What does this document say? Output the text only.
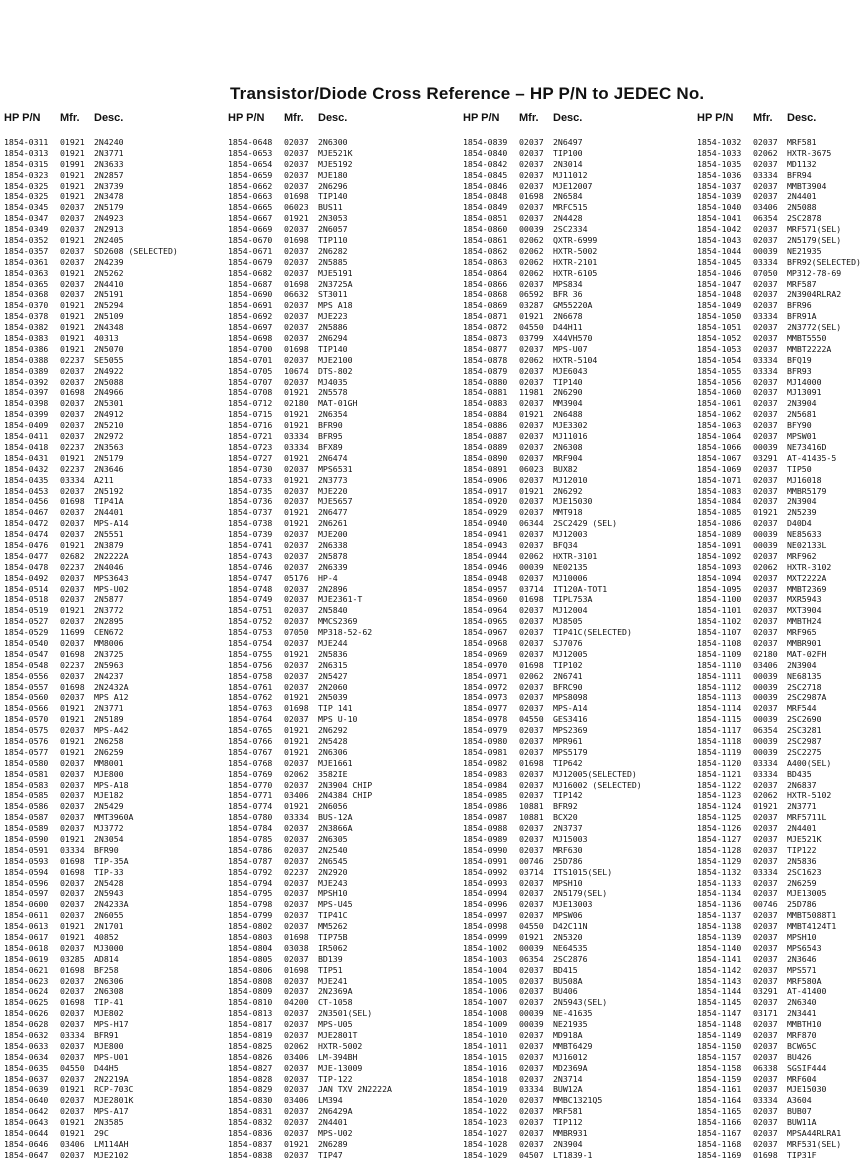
Transistor/Diode Cross Reference – HP P/N to JEDEC No.
HP P/N Mfr. Desc.
1854-0311 01921 2N4240
1854-0313 01921 2N3771
1854-0315 01991 2N3633
1854-0323 01921 2N2857
1854-0325 01921 2N3739
1854-0325 01921 2N3478
1854-0345 02037 2N5179
1854-0347 02037 2N4923
1854-0349 02037 2N2913
1854-0352 01921 2N2405
1854-0357 02037 SD2608 (SELECTED)
1854-0361 02037 2N4239
1854-0363 01921 2N5262
1854-0365 02037 2N4410
1854-0368 02037 2N5191
1854-0370 01921 2N5294
1854-0378 01921 2N5109
1854-0382 01921 2N4348
1854-0383 01921 40313
1854-0386 01921 2N5070
1854-0388 02237 SE5055
1854-0389 02037 2N4922
1854-0392 02037 2N5088
1854-0397 01698 2N4966
1854-0398 02037 2N5301
1854-0399 02037 2N4912
1854-0409 02037 2N5210
1854-0411 02037 2N2972
1854-0418 02237 2N3563
1854-0431 01921 2N5179
1854-0432 02237 2N3646
1854-0435 03334 A211
1854-0453 02037 2N5192
1854-0456 01698 TIP41A
1854-0467 02037 2N4401
1854-0472 02037 MPS-A14
1854-0474 02037 2N5551
1854-0476 01921 2N3879
1854-0477 02682 2N2222A
1854-0478 02237 2N4046
1854-0492 02037 MPS3643
1854-0514 02037 MPS-U02
1854-0518 02037 2N5877
1854-0519 01921 2N3772
1854-0527 02037 2N2895
1854-0529 11699 CEN672
1854-0540 02037 MM8006
1854-0547 01698 2N3725
1854-0548 02237 2N5963
1854-0556 02037 2N4237
1854-0557 01698 2N2432A
1854-0560 02037 MPS A12
1854-0566 01921 2N3771
1854-0570 01921 2N5189
1854-0575 02037 MPS-A42
1854-0576 01921 2N6258
1854-0577 01921 2N6259
1854-0580 02037 MM8001
1854-0581 02037 MJE800
1854-0583 02037 MPS-A18
1854-0585 02037 MJE182
1854-0586 02037 2N5429
1854-0587 02037 MMT3960A
1854-0589 02037 MJ3772
1854-0590 01921 2N3054
1854-0591 03334 BFR90
1854-0593 01698 TIP-35A
1854-0594 01698 TIP-33
1854-0596 02037 2N5428
1854-0597 02037 2N5943
1854-0600 02037 2N4233A
1854-0611 02037 2N6055
1854-0613 01921 2N1701
1854-0617 01921 40852
1854-0618 02037 MJ3000
1854-0619 03285 AD814
1854-0621 01698 BF258
1854-0623 02037 2N6306
1854-0624 02037 2N6308
1854-0625 01698 TIP-41
1854-0626 02037 MJE802
1854-0628 02037 MPS-H17
1854-0632 03334 BFR91
1854-0633 02037 MJE800
1854-0634 02037 MPS-U01
1854-0635 04550 D44H5
1854-0637 02037 2N2219A
1854-0639 01921 RCP-703C
1854-0640 02037 MJE2801K
1854-0642 02037 MPS-A17
1854-0643 01921 2N3585
1854-0644 01921 29C
1854-0646 03406 LM114AH
1854-0647 02037 MJE2102
HP P/N Mfr. Desc.
1854-0648 02037 2N6300
1854-0653 02037 MJE521K
1854-0654 02037 MJE5192
1854-0659 02037 MJE180
1854-0662 02037 2N6296
1854-0663 01698 TIP140
1854-0665 06023 BUS11
1854-0667 01921 2N3053
1854-0669 02037 2N6057
1854-0670 01698 TIP110
1854-0671 02037 2N6282
1854-0679 02037 2N5885
1854-0682 02037 MJE5191
1854-0687 01698 2N3725A
1854-0690 06632 ST3011
1854-0691 02037 MPS A18
1854-0692 02037 MJE223
1854-0697 02037 2N5886
1854-0698 02037 2N6294
1854-0700 01698 TIP140
1854-0701 02037 MJE2100
1854-0705 10674 DTS-802
1854-0707 02037 MJ4035
1854-0708 01921 2N5578
1854-0712 02180 MAT-01GH
1854-0715 01921 2N6354
1854-0716 01921 BFR90
1854-0721 03334 BFR95
1854-0723 03334 BFX89
1854-0727 01921 2N6474
1854-0730 02037 MPS6531
1854-0733 01921 2N3773
1854-0735 02037 MJE220
1854-0736 02037 MJE5657
1854-0737 01921 2N6477
1854-0738 01921 2N6261
1854-0739 02037 MJE200
1854-0741 02037 2N6338
1854-0743 02037 2N5878
1854-0746 02037 2N6339
1854-0747 05176 HP-4
1854-0748 02037 2N2896
1854-0749 02037 MJE2361-T
1854-0751 02037 2N5840
1854-0752 02037 MMCS2369
1854-0753 07050 MP318-52-62
1854-0754 02037 MJE244
1854-0755 01921 2N5836
1854-0756 02037 2N6315
1854-0758 02037 2N5427
1854-0761 02037 2N2060
1854-0762 01921 2N5039
1854-0763 01698 TIP 141
1854-0764 02037 MPS U-10
1854-0765 01921 2N6292
1854-0766 01921 2N5428
1854-0767 01921 2N6306
1854-0768 02037 MJE1661
1854-0769 02062 3582IE
1854-0770 02037 2N3904 CHIP
1854-0771 03406 2N4384 CHIP
1854-0774 01921 2N6056
1854-0780 03334 BUS-12A
1854-0784 02037 2N3866A
1854-0785 02037 2N6305
1854-0786 02037 2N2540
1854-0787 02037 2N6545
1854-0792 02237 2N2920
1854-0794 02037 MJE243
1854-0795 02037 MPSH10
1854-0798 02037 MPS-U45
1854-0799 02037 TIP41C
1854-0802 02037 MM5262
1854-0803 01698 TIP75B
1854-0804 03038 IR5062
1854-0805 02037 BD139
1854-0806 01698 TIP51
1854-0808 02037 MJE241
1854-0809 02037 2N2369A
1854-0810 04200 CT-1058
1854-0813 02037 2N3501(SEL)
1854-0817 02037 MPS-U05
1854-0819 02037 MJE2801T
1854-0825 02062 HXTR-5002
1854-0826 03406 LM-394BH
1854-0827 02037 MJE-13009
1854-0828 02037 TIP-122
1854-0829 02037 JAN TXV 2N2222A
1854-0830 03406 LM394
1854-0831 02037 2N6429A
1854-0832 02037 2N4401
1854-0836 02037 MPS-U02
1854-0837 01921 2N6289
1854-0838 02037 TIP47
HP P/N Mfr. Desc.
1854-0839 02037 2N6497
1854-0840 02037 TIP100
1854-0842 02037 2N3014
1854-0845 02037 MJ11012
1854-0846 02037 MJE12007
1854-0848 01698 2N6584
1854-0849 02037 MRFC515
1854-0851 02037 2N4428
1854-0860 00039 2SC2334
1854-0861 02062 QXTR-6999
1854-0862 02062 HXTR-5002
1854-0863 02062 HXTR-2101
1854-0864 02062 HXTR-6105
1854-0866 02037 MPS834
1854-0868 06592 BFR 36
1854-0869 03287 GM55220A
1854-0871 01921 2N6678
1854-0872 04550 D44H11
1854-0873 03799 X44VH570
1854-0877 02037 MPS-U07
1854-0878 02062 HXTR-5104
1854-0879 02037 MJE6043
1854-0880 02037 TIP140
1854-0881 11981 2N6290
1854-0883 02037 MM3904
1854-0884 01921 2N6488
1854-0886 02037 MJE3302
1854-0887 02037 MJ11016
1854-0889 02037 2N6308
1854-0890 02037 MRF904
1854-0891 06023 BUX82
1854-0906 02037 MJ12010
1854-0917 01921 2N6292
1854-0920 02037 MJE15030
1854-0929 02037 MMT918
1854-0940 06344 2SC2429 (SEL)
1854-0941 02037 MJ12003
1854-0943 02037 BFQ34
1854-0944 02062 HXTR-3101
1854-0946 00039 NE02135
1854-0948 02037 MJ10006
1854-0957 03714 IT120A-TOT1
1854-0960 01698 TIPL753A
1854-0964 02037 MJ12004
1854-0965 02037 MJ8505
1854-0967 02037 TIP41C(SELECTED)
1854-0968 02037 SJ7076
1854-0969 02037 MJ12005
1854-0970 01698 TIP102
1854-0971 02062 2N6741
1854-0972 02037 BFRC90
1854-0973 02037 MPS8098
1854-0977 02037 MPS-A14
1854-0978 04550 GES3416
1854-0979 02037 MPS2369
1854-0980 02037 MPR961
1854-0981 02037 MPS5179
1854-0982 01698 TIP642
1854-0983 02037 MJ12005(SELECTED)
1854-0984 02037 MJ16002 (SELECTED)
1854-0985 02037 TIP142
1854-0986 10881 BFR92
1854-0987 10881 BCX20
1854-0988 02037 2N3737
1854-0989 02037 MJ15003
1854-0990 02037 MRF630
1854-0991 00746 25D786
1854-0992 03714 ITS1015(SEL)
1854-0993 02037 MPSH10
1854-0994 02037 2N5179(SEL)
1854-0996 02037 MJE13003
1854-0997 02037 MPSW06
1854-0998 04550 D42C11N
1854-0999 01921 2N5320
1854-1002 00039 NE64535
1854-1003 06354 2SC2876
1854-1004 02037 BD415
1854-1005 02037 BU508A
1854-1006 02037 BU406
1854-1007 02037 2N5943(SEL)
1854-1008 00039 NE-41635
1854-1009 00039 NE21935
1854-1010 02037 MD918A
1854-1011 02037 MMBT6429
1854-1015 02037 MJ16012
1854-1016 02037 MD2369A
1854-1018 02037 2N3714
1854-1019 03334 BUW12A
1854-1020 02037 MMBC1321Q5
1854-1022 02037 MRF581
1854-1023 02037 TIP112
1854-1027 02037 MMBR931
1854-1028 02037 2N3904
1854-1029 04507 LT1839-1
HP P/N Mfr. Desc.
1854-1032 02037 MRF581
1854-1033 02062 HXTR-3675
1854-1035 02037 MD1132
1854-1036 03334 BFR94
1854-1037 02037 MMBT3904
1854-1039 02037 2N4401
1854-1040 03406 2N5088
1854-1041 06354 2SC2878
1854-1042 02037 MRF571(SEL)
1854-1043 02037 2N5179(SEL)
1854-1044 00039 NE21935
1854-1045 03334 BFR92(SELECTED)
1854-1046 07050 MP312-78-69
1854-1047 02037 MRF587
1854-1048 02037 2N3904RLRA2
1854-1049 02037 BFR96
1854-1050 03334 BFR91A
1854-1051 02037 2N3772(SEL)
1854-1052 02037 MMBT5550
1854-1053 02037 MMBT2222A
1854-1054 03334 BFQ19
1854-1055 03334 BFR93
1854-1056 02037 MJ14000
1854-1060 02037 MJ13091
1854-1061 02037 2N3904
1854-1062 02037 2N5681
1854-1063 02037 BFY90
1854-1064 02037 MPSW01
1854-1066 00039 NE73416D
1854-1067 03291 AT-41435-5
1854-1069 02037 TIP50
1854-1071 02037 MJ16018
1854-1083 02037 MMBR5179
1854-1084 02037 2N3904
1854-1085 01921 2N5239
1854-1086 02037 D40D4
1854-1089 00039 NE85633
1854-1091 00039 NE02133L
1854-1092 02037 MRF962
1854-1093 02062 HXTR-3102
1854-1094 02037 MXT2222A
1854-1095 02037 MMBT2369
1854-1100 02037 MXR5943
1854-1101 02037 MXT3904
1854-1102 02037 MMBTH24
1854-1107 02037 MRF965
1854-1108 02037 MMBR901
1854-1109 02180 MAT-02FH
1854-1110 03406 2N3904
1854-1111 00039 NE68135
1854-1112 00039 2SC2718
1854-1113 00039 2SC2987A
1854-1114 02037 MRF544
1854-1115 00039 2SC2690
1854-1117 06354 2SC3281
1854-1118 00039 2SC2987
1854-1119 00039 2SC2275
1854-1120 03334 A400(SEL)
1854-1121 03334 BD435
1854-1122 02037 2N6837
1854-1123 02062 HXTR-5102
1854-1124 01921 2N3771
1854-1125 02037 MRF5711L
1854-1126 02037 2N4401
1854-1127 02037 MJE521K
1854-1128 02037 TIP122
1854-1129 02037 2N5836
1854-1132 03334 2SC1623
1854-1133 02037 2N6259
1854-1134 02037 MJE13005
1854-1136 00746 25D786
1854-1137 02037 MMBT5088T1
1854-1138 02037 MMBT4124T1
1854-1139 02037 MPSH10
1854-1140 02037 MPS6543
1854-1141 02037 2N3646
1854-1142 02037 MPS571
1854-1143 02037 MRF580A
1854-1144 03291 AT-41400
1854-1145 02037 2N6340
1854-1147 03171 2N3441
1854-1148 02037 MMBTH10
1854-1149 02037 MRF870
1854-1150 02037 BCW65C
1854-1157 02037 BU426
1854-1158 06338 SGSIF444
1854-1159 02037 MRF604
1854-1161 02037 MJE15030
1854-1164 03334 A3604
1854-1165 02037 BUB07
1854-1166 02037 BUW11A
1854-1167 02037 MPSA44RLRA1
1854-1168 02037 MRF531(SEL)
1854-1169 01698 TIP31F
